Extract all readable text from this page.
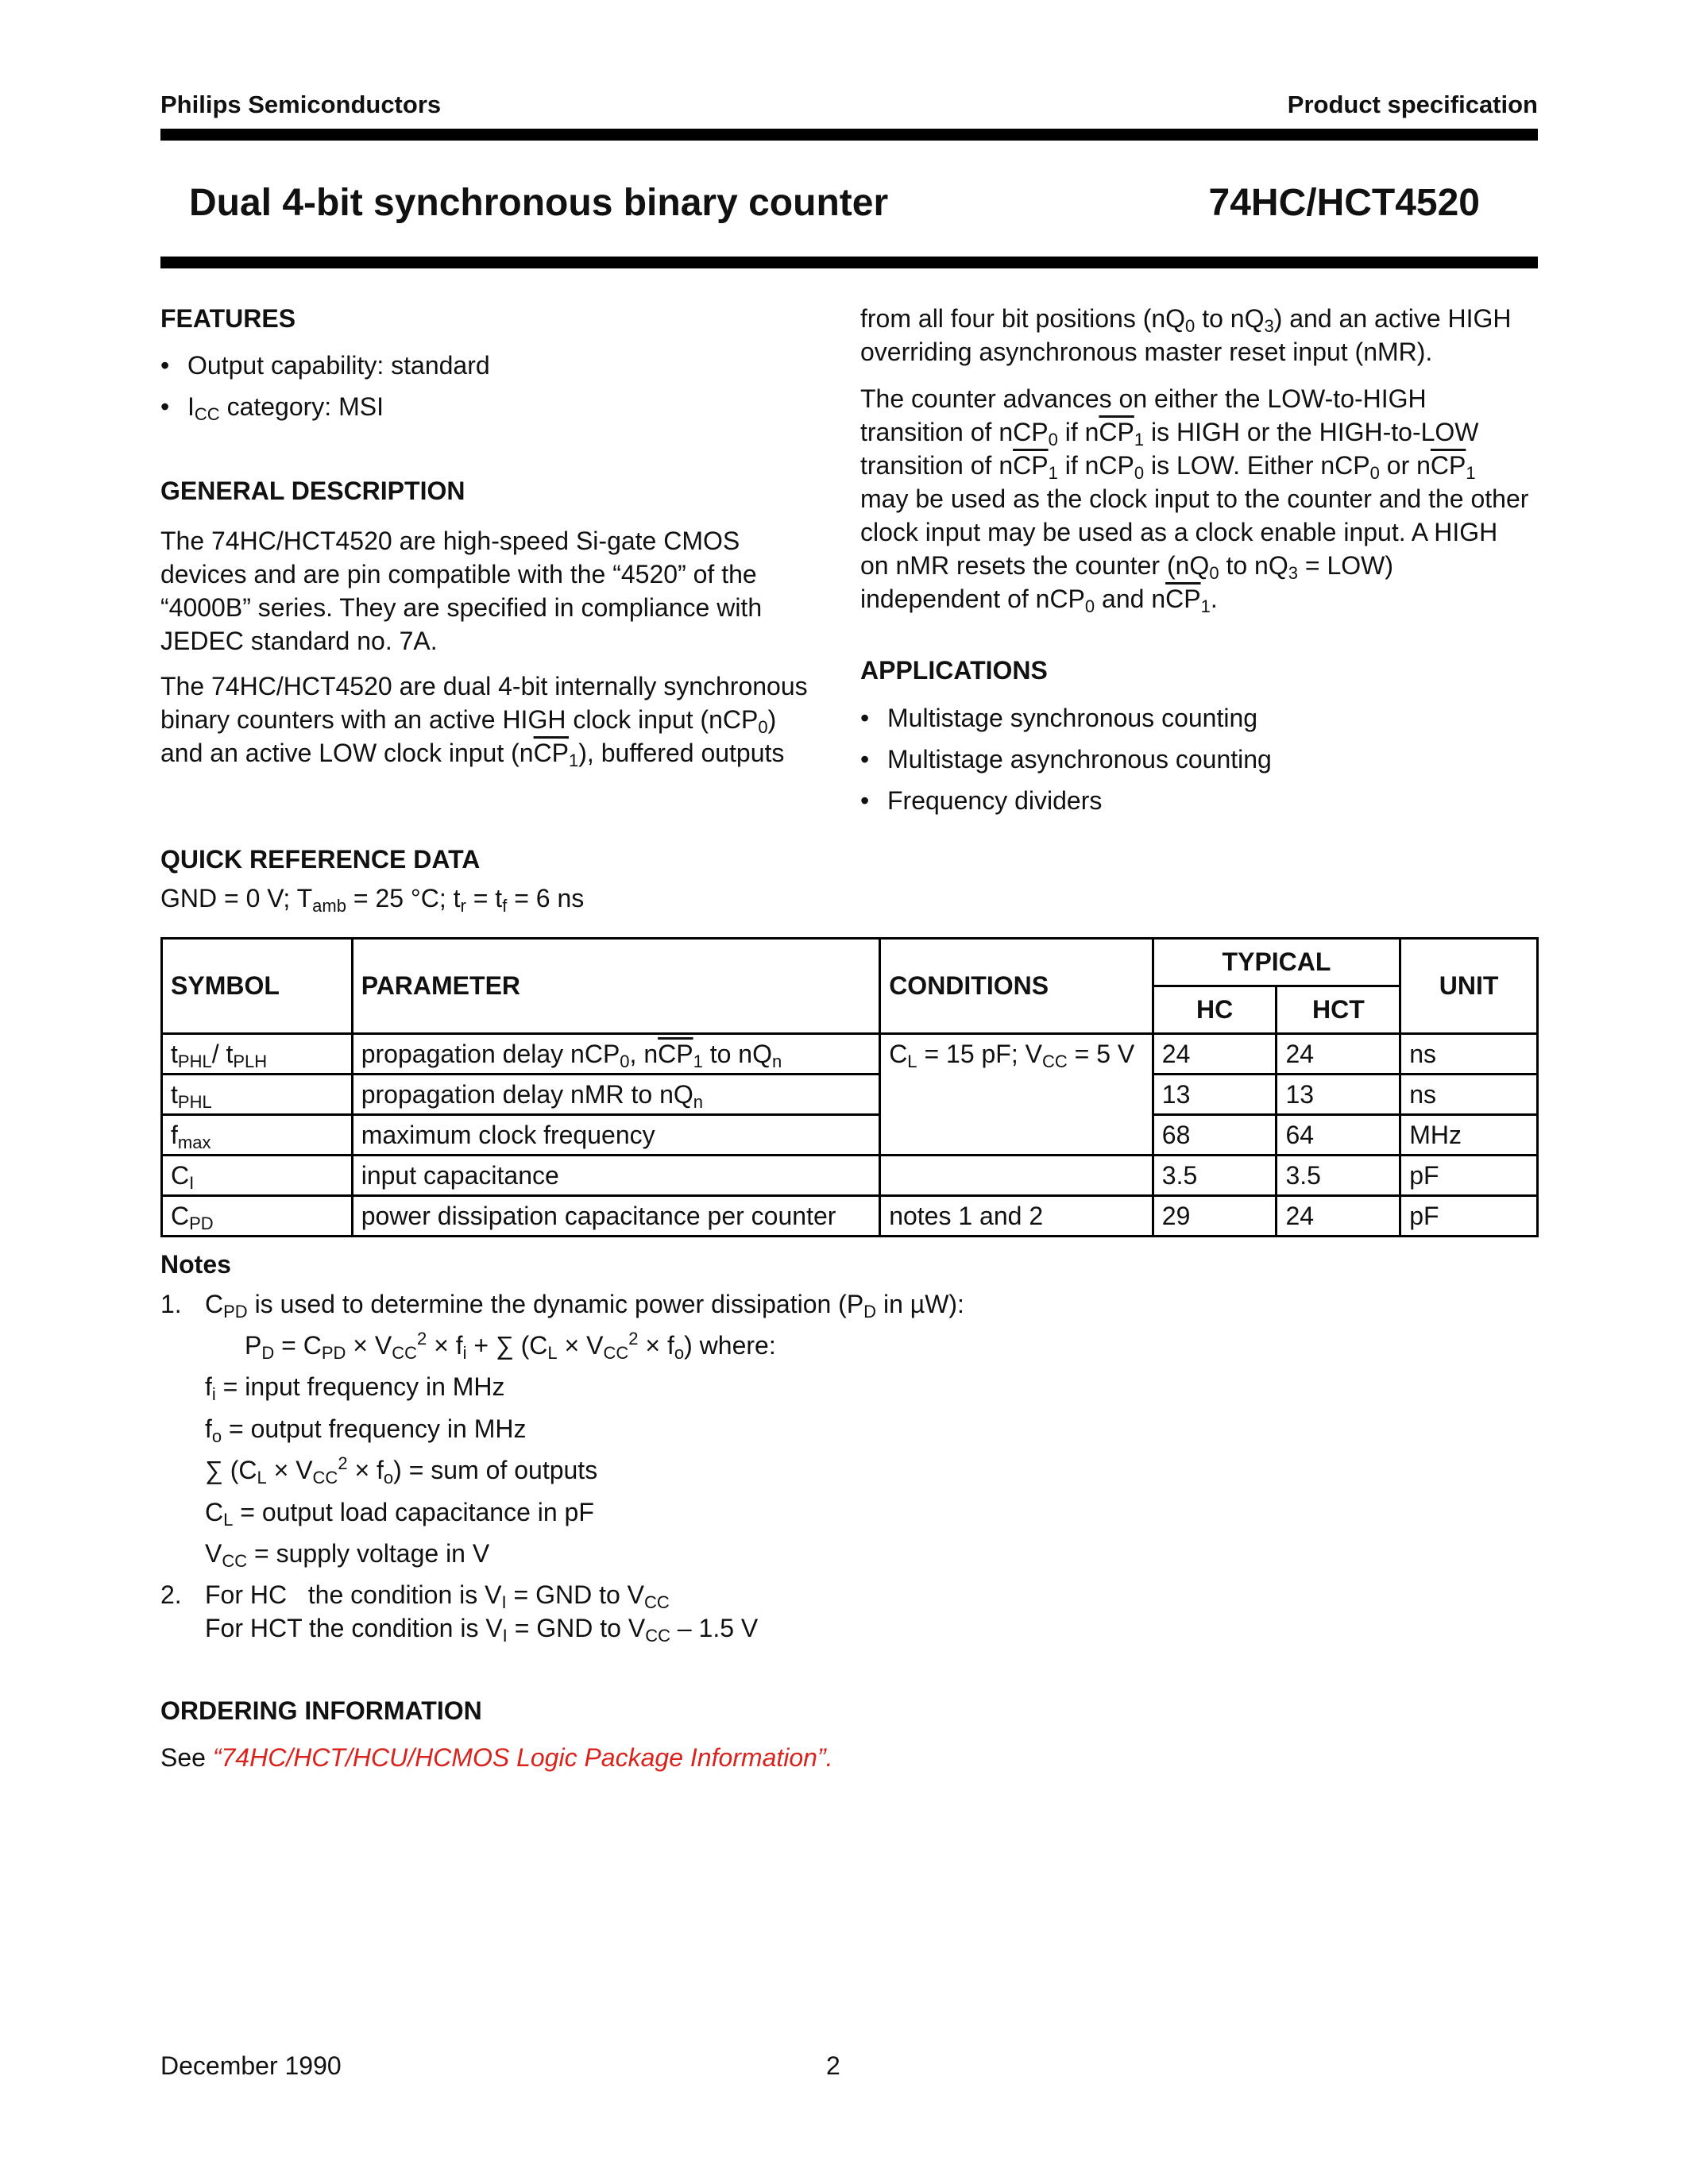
Philips Semiconductors	Product specification
Dual 4-bit synchronous binary counter	74HC/HCT4520
FEATURES
• Output capability: standard
• $I_{CC}$ category: MSI
GENERAL DESCRIPTION
The 74HC/HCT4520 are high-speed Si-gate CMOS
devices and are pin compatible with the “4520” of the
“4000B” series. They are specified in compliance with
JEDEC standard no. 7A.
The 74HC/HCT4520 are dual 4-bit internally synchronous
binary counters with an active HIGH clock input (nCP$_0$)
and an active LOW clock input $(n\overline{CP}_1)$, buffered outputs
from all four bit positions ($nQ_0$ to $nQ_3$) and an active HIGH
overriding asynchronous master reset input (nMR).
The counter advances on either the LOW-to-HIGH
transition of nCP$_0$ if $n\overline{CP}_1$ is HIGH or the HIGH-to-LOW
transition of $n\overline{CP}_1$ if nCP$_0$ is LOW. Either nCP$_0$ or $n\overline{CP}_1$
may be used as the clock input to the counter and the other
clock input may be used as a clock enable input. A HIGH
on nMR resets the counter ($nQ_0$ to $nQ_3 = LOW$)
independent of nCP$_0$ and $n\overline{CP}_1$.
APPLICATIONS
• Multistage synchronous counting
• Multistage asynchronous counting
• Frequency dividers
QUICK REFERENCE DATA
GND = 0 V; $T_{amb} = 25$ °C; $t_r = t_f = 6$ ns
SYMBOL	PARAMETER	CONDITIONS	TYPICAL		UNIT
			HC	HCT	
$t_{PHL}/$ $t_{PLH}$	propagation delay nCP$_0$, $n\overline{CP}_1$ to $nQ_n$	$C_L = 15$ pF; $V_{CC} = 5$ V	24	24	ns
$t_{PHL}$	propagation delay nMR to $nQ_n$		13	13	ns
$f_{max}$	maximum clock frequency		68	64	MHz
$C_I$	input capacitance		3.5	3.5	pF
$C_{PD}$	power dissipation capacitance per counter	notes 1 and 2	29	24	pF
Notes
1. $C_{PD}$ is used to determine the dynamic power dissipation ($P_D$ in µW):
$P_D = C_{PD} \times V_{CC}^2 \times f_i$ + ∑ $(C_L \times V_{CC}^2 \times f_o)$ where:
$f_i$ = input frequency in MHz
$f_o$ = output frequency in MHz
∑ $(C_L \times V_{CC}^2 \times f_o)$ = sum of outputs
$C_L$ = output load capacitance in pF
$V_{CC}$ = supply voltage in V
2. For HC   the condition is $V_I$ = GND to $V_{CC}$
For HCT the condition is $V_I$ = GND to $V_{CC} - 1.5$ V
ORDERING INFORMATION
See “74HC/HCT/HCU/HCMOS Logic Package Information”.
December 1990	2
